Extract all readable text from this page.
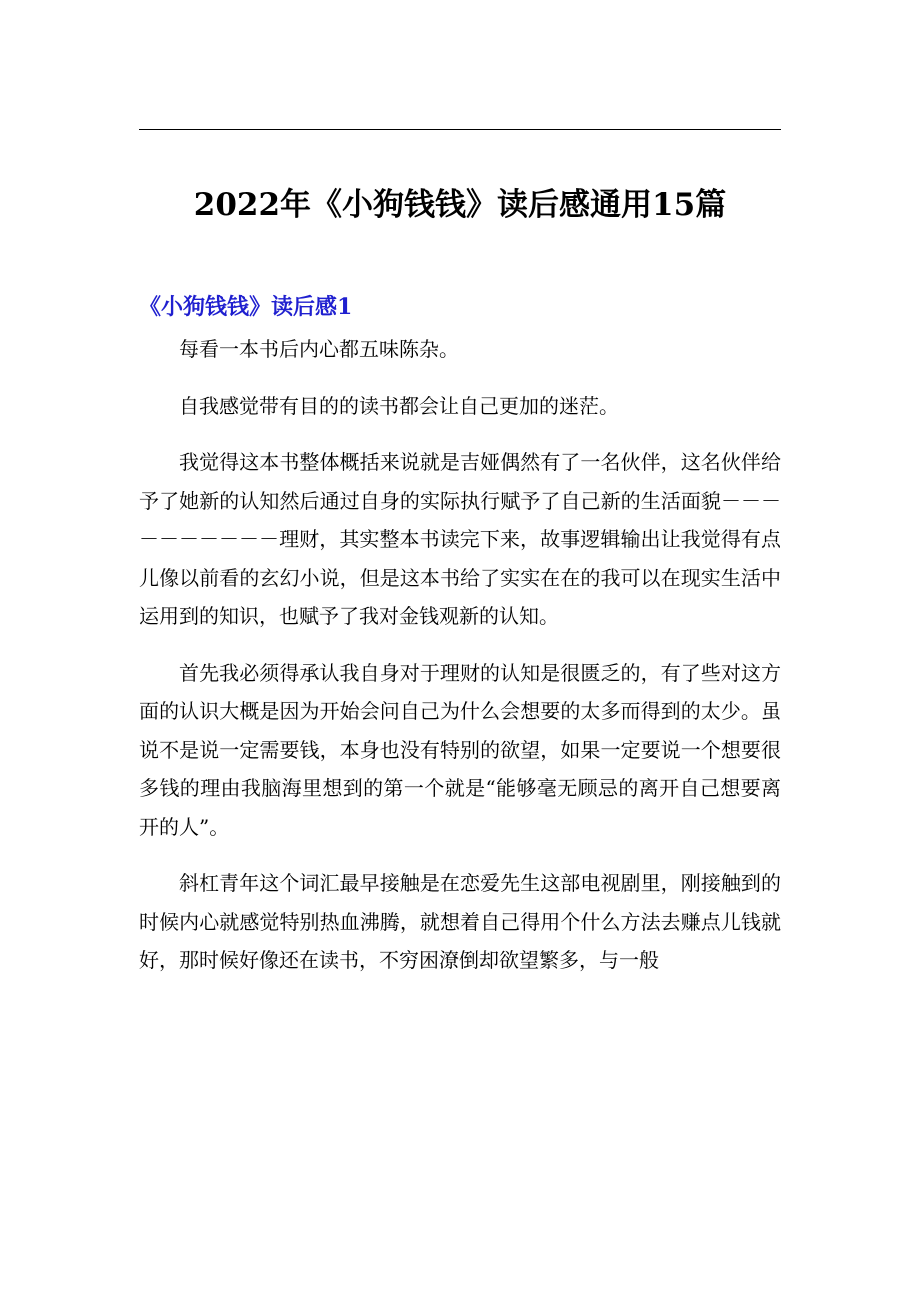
2022年《小狗钱钱》读后感通用15篇
《小狗钱钱》读后感1

每看一本书后内心都五味陈杂。

自我感觉带有目的的读书都会让自己更加的迷茫。

我觉得这本书整体概括来说就是吉娅偶然有了一名伙伴，这名伙伴给予了她新的认知然后通过自身的实际执行赋予了自己新的生活面貌－－－－－－－－－－理财，其实整本书读完下来，故事逻辑输出让我觉得有点儿像以前看的玄幻小说，但是这本书给了实实在在的我可以在现实生活中运用到的知识，也赋予了我对金钱观新的认知。

首先我必须得承认我自身对于理财的认知是很匮乏的，有了些对这方面的认识大概是因为开始会问自己为什么会想要的太多而得到的太少。虽说不是说一定需要钱，本身也没有特别的欲望，如果一定要说一个想要很多钱的理由我脑海里想到的第一个就是“能够毫无顾忌的离开自己想要离开的人”。

斜杠青年这个词汇最早接触是在恋爱先生这部电视剧里，刚接触到的时候内心就感觉特别热血沸腾，就想着自己得用个什么方法去赚点儿钱就好，那时候好像还在读书，不穷困潦倒却欲望繁多，与一般
